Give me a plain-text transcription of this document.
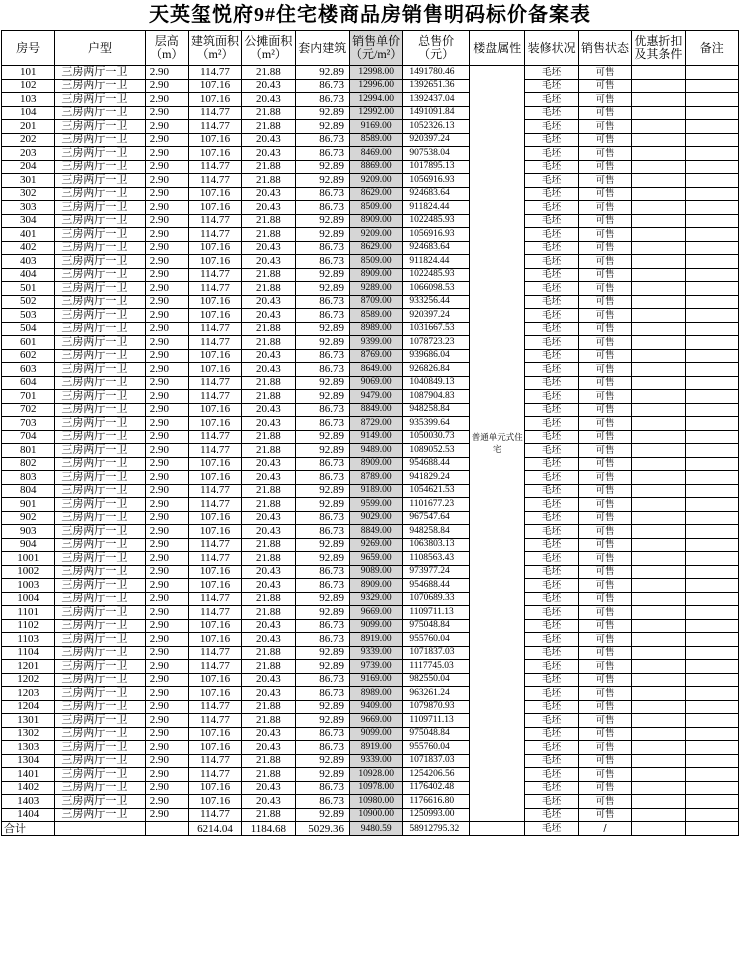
天英玺悦府9#住宅楼商品房销售明码标价备案表
房号	户型	层高（m）	建筑面积（m²）	公摊面积（m²）	套内建筑	销售单价（元/m²）	总售价（元）	楼盘属性	装修状况	销售状态	优惠折扣及其条件	备注
101	三房两厅一卫	2.90	114.77	21.88	92.89	12998.00	1491780.46	普通单元式住宅	毛坯	可售		
102	三房两厅一卫	2.90	107.16	20.43	86.73	12996.00	1392651.36		毛坯	可售		
103	三房两厅一卫	2.90	107.16	20.43	86.73	12994.00	1392437.04		毛坯	可售		
104	三房两厅一卫	2.90	114.77	21.88	92.89	12992.00	1491091.84		毛坯	可售		
201	三房两厅一卫	2.90	114.77	21.88	92.89	9169.00	1052326.13		毛坯	可售		
202	三房两厅一卫	2.90	107.16	20.43	86.73	8589.00	920397.24		毛坯	可售		
203	三房两厅一卫	2.90	107.16	20.43	86.73	8469.00	907538.04		毛坯	可售		
204	三房两厅一卫	2.90	114.77	21.88	92.89	8869.00	1017895.13		毛坯	可售		
301	三房两厅一卫	2.90	114.77	21.88	92.89	9209.00	1056916.93		毛坯	可售		
302	三房两厅一卫	2.90	107.16	20.43	86.73	8629.00	924683.64		毛坯	可售		
303	三房两厅一卫	2.90	107.16	20.43	86.73	8509.00	911824.44		毛坯	可售		
304	三房两厅一卫	2.90	114.77	21.88	92.89	8909.00	1022485.93		毛坯	可售		
401	三房两厅一卫	2.90	114.77	21.88	92.89	9209.00	1056916.93		毛坯	可售		
402	三房两厅一卫	2.90	107.16	20.43	86.73	8629.00	924683.64		毛坯	可售		
403	三房两厅一卫	2.90	107.16	20.43	86.73	8509.00	911824.44		毛坯	可售		
404	三房两厅一卫	2.90	114.77	21.88	92.89	8909.00	1022485.93		毛坯	可售		
501	三房两厅一卫	2.90	114.77	21.88	92.89	9289.00	1066098.53		毛坯	可售		
502	三房两厅一卫	2.90	107.16	20.43	86.73	8709.00	933256.44		毛坯	可售		
503	三房两厅一卫	2.90	107.16	20.43	86.73	8589.00	920397.24		毛坯	可售		
504	三房两厅一卫	2.90	114.77	21.88	92.89	8989.00	1031667.53		毛坯	可售		
601	三房两厅一卫	2.90	114.77	21.88	92.89	9399.00	1078723.23		毛坯	可售		
602	三房两厅一卫	2.90	107.16	20.43	86.73	8769.00	939686.04		毛坯	可售		
603	三房两厅一卫	2.90	107.16	20.43	86.73	8649.00	926826.84		毛坯	可售		
604	三房两厅一卫	2.90	114.77	21.88	92.89	9069.00	1040849.13		毛坯	可售		
701	三房两厅一卫	2.90	114.77	21.88	92.89	9479.00	1087904.83		毛坯	可售		
702	三房两厅一卫	2.90	107.16	20.43	86.73	8849.00	948258.84		毛坯	可售		
703	三房两厅一卫	2.90	107.16	20.43	86.73	8729.00	935399.64		毛坯	可售		
704	三房两厅一卫	2.90	114.77	21.88	92.89	9149.00	1050030.73		毛坯	可售		
801	三房两厅一卫	2.90	114.77	21.88	92.89	9489.00	1089052.53		毛坯	可售		
802	三房两厅一卫	2.90	107.16	20.43	86.73	8909.00	954688.44		毛坯	可售		
803	三房两厅一卫	2.90	107.16	20.43	86.73	8789.00	941829.24		毛坯	可售		
804	三房两厅一卫	2.90	114.77	21.88	92.89	9189.00	1054621.53		毛坯	可售		
901	三房两厅一卫	2.90	114.77	21.88	92.89	9599.00	1101677.23		毛坯	可售		
902	三房两厅一卫	2.90	107.16	20.43	86.73	9029.00	967547.64		毛坯	可售		
903	三房两厅一卫	2.90	107.16	20.43	86.73	8849.00	948258.84		毛坯	可售		
904	三房两厅一卫	2.90	114.77	21.88	92.89	9269.00	1063803.13		毛坯	可售		
1001	三房两厅一卫	2.90	114.77	21.88	92.89	9659.00	1108563.43		毛坯	可售		
1002	三房两厅一卫	2.90	107.16	20.43	86.73	9089.00	973977.24		毛坯	可售		
1003	三房两厅一卫	2.90	107.16	20.43	86.73	8909.00	954688.44		毛坯	可售		
1004	三房两厅一卫	2.90	114.77	21.88	92.89	9329.00	1070689.33		毛坯	可售		
1101	三房两厅一卫	2.90	114.77	21.88	92.89	9669.00	1109711.13		毛坯	可售		
1102	三房两厅一卫	2.90	107.16	20.43	86.73	9099.00	975048.84		毛坯	可售		
1103	三房两厅一卫	2.90	107.16	20.43	86.73	8919.00	955760.04		毛坯	可售		
1104	三房两厅一卫	2.90	114.77	21.88	92.89	9339.00	1071837.03		毛坯	可售		
1201	三房两厅一卫	2.90	114.77	21.88	92.89	9739.00	1117745.03		毛坯	可售		
1202	三房两厅一卫	2.90	107.16	20.43	86.73	9169.00	982550.04		毛坯	可售		
1203	三房两厅一卫	2.90	107.16	20.43	86.73	8989.00	963261.24		毛坯	可售		
1204	三房两厅一卫	2.90	114.77	21.88	92.89	9409.00	1079870.93		毛坯	可售		
1301	三房两厅一卫	2.90	114.77	21.88	92.89	9669.00	1109711.13		毛坯	可售		
1302	三房两厅一卫	2.90	107.16	20.43	86.73	9099.00	975048.84		毛坯	可售		
1303	三房两厅一卫	2.90	107.16	20.43	86.73	8919.00	955760.04		毛坯	可售		
1304	三房两厅一卫	2.90	114.77	21.88	92.89	9339.00	1071837.03		毛坯	可售		
1401	三房两厅一卫	2.90	114.77	21.88	92.89	10928.00	1254206.56		毛坯	可售		
1402	三房两厅一卫	2.90	107.16	20.43	86.73	10978.00	1176402.48		毛坯	可售		
1403	三房两厅一卫	2.90	107.16	20.43	86.73	10980.00	1176616.80		毛坯	可售		
1404	三房两厅一卫	2.90	114.77	21.88	92.89	10900.00	1250993.00		毛坯	可售		
合计			6214.04	1184.68	5029.36	9480.59	58912795.32		毛坯	/		
